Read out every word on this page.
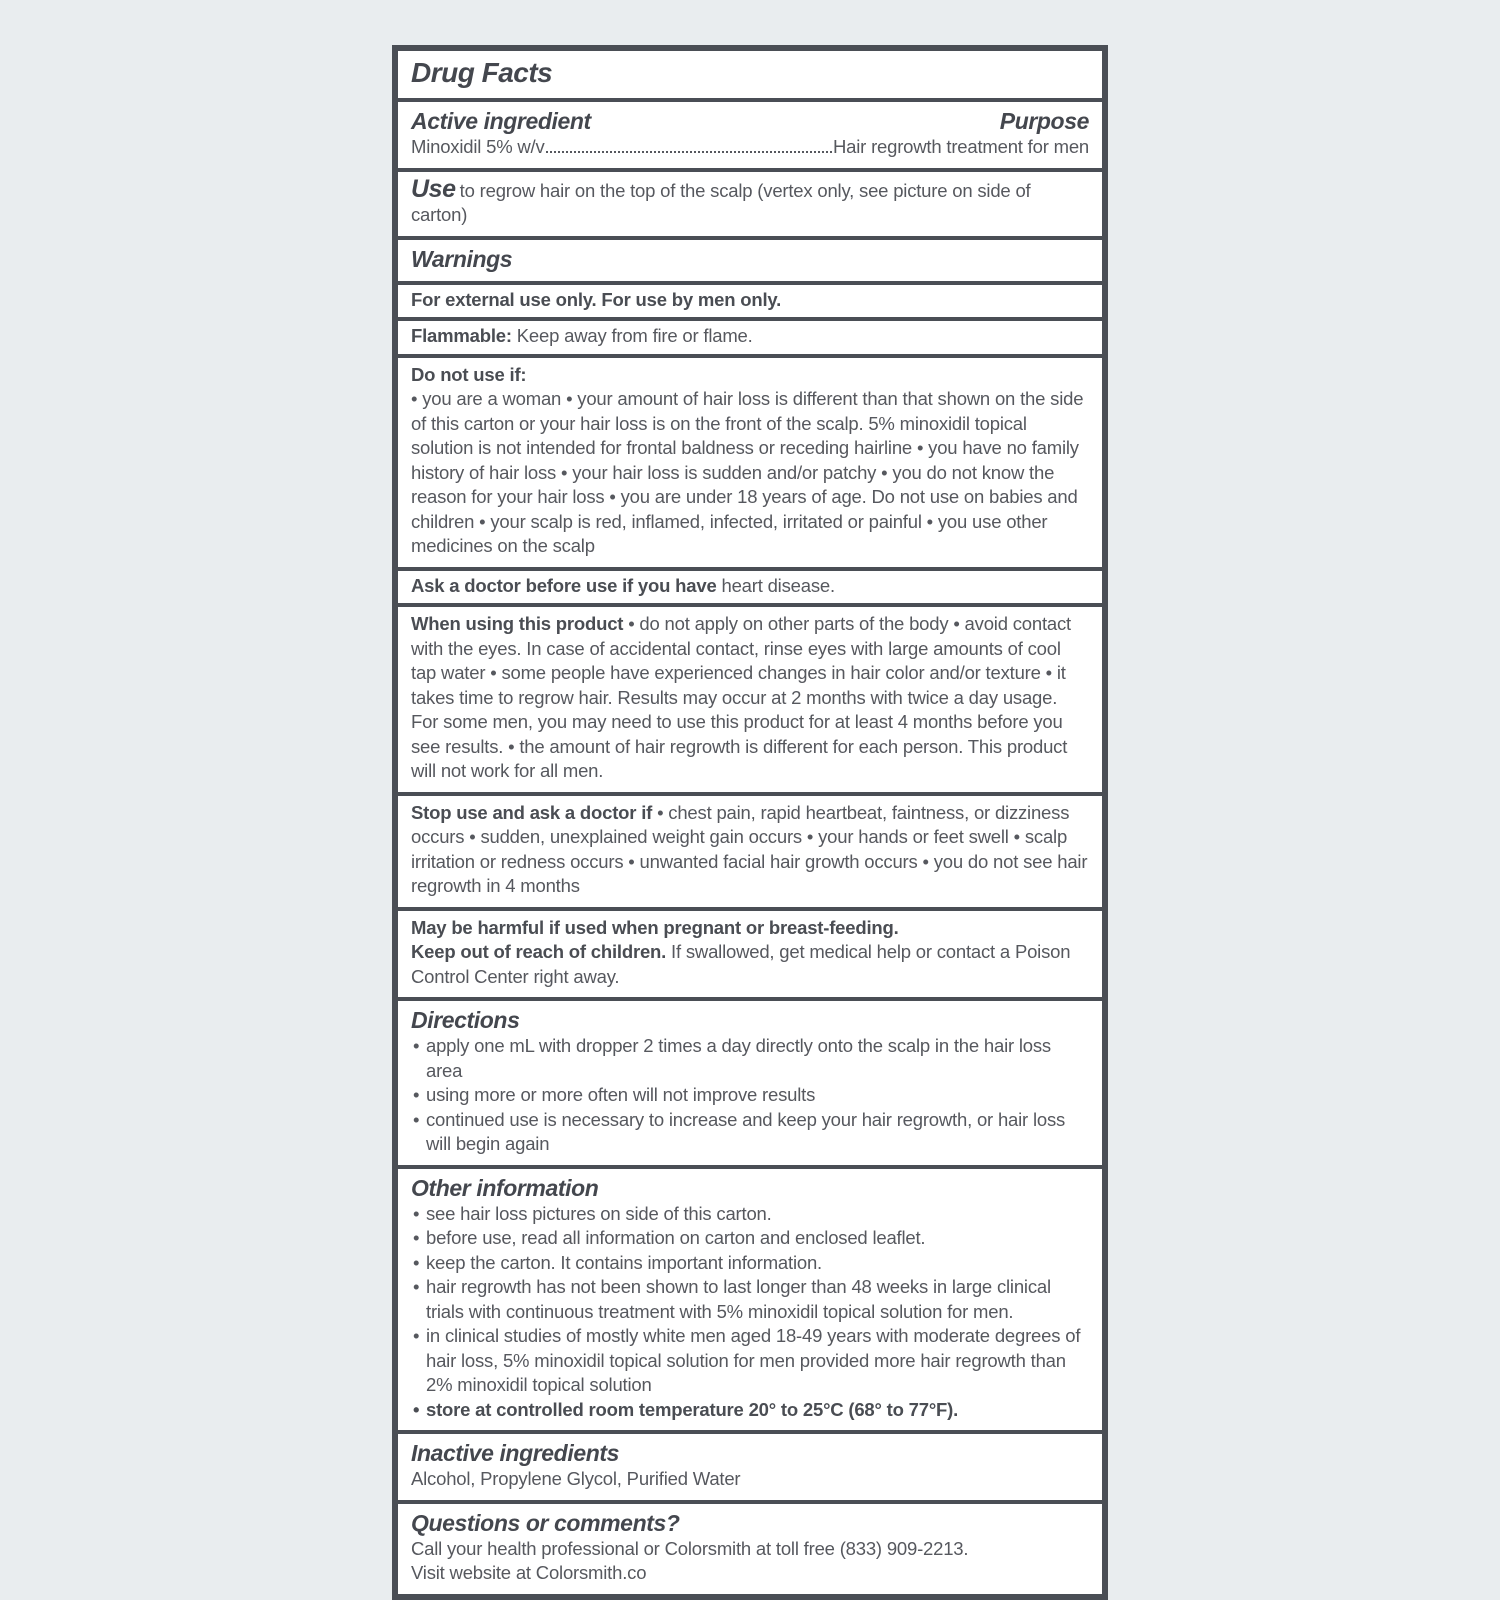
Drug Facts
Active ingredient	Purpose
Minoxidil 5% w/v	Hair regrowth treatment for men
Use to regrow hair on the top of the scalp (vertex only, see picture on side of carton)
Warnings
For external use only. For use by men only.
Flammable: Keep away from fire or flame.
Do not use if:
• you are a woman • your amount of hair loss is different than that shown on the side of this carton or your hair loss is on the front of the scalp. 5% minoxidil topical solution is not intended for frontal baldness or receding hairline • you have no family history of hair loss • your hair loss is sudden and/or patchy • you do not know the reason for your hair loss • you are under 18 years of age. Do not use on babies and children • your scalp is red, inflamed, infected, irritated or painful • you use other medicines on the scalp
Ask a doctor before use if you have heart disease.
When using this product • do not apply on other parts of the body • avoid contact with the eyes. In case of accidental contact, rinse eyes with large amounts of cool tap water • some people have experienced changes in hair color and/or texture • it takes time to regrow hair. Results may occur at 2 months with twice a day usage. For some men, you may need to use this product for at least 4 months before you see results. • the amount of hair regrowth is different for each person. This product will not work for all men.
Stop use and ask a doctor if • chest pain, rapid heartbeat, faintness, or dizziness occurs • sudden, unexplained weight gain occurs • your hands or feet swell • scalp irritation or redness occurs • unwanted facial hair growth occurs • you do not see hair regrowth in 4 months
May be harmful if used when pregnant or breast-feeding.
Keep out of reach of children. If swallowed, get medical help or contact a Poison Control Center right away.
Directions
• apply one mL with dropper 2 times a day directly onto the scalp in the hair loss area
• using more or more often will not improve results
• continued use is necessary to increase and keep your hair regrowth, or hair loss will begin again
Other information
• see hair loss pictures on side of this carton.
• before use, read all information on carton and enclosed leaflet.
• keep the carton. It contains important information.
• hair regrowth has not been shown to last longer than 48 weeks in large clinical trials with continuous treatment with 5% minoxidil topical solution for men.
• in clinical studies of mostly white men aged 18-49 years with moderate degrees of hair loss, 5% minoxidil topical solution for men provided more hair regrowth than 2% minoxidil topical solution
• store at controlled room temperature 20° to 25°C (68° to 77°F).
Inactive ingredients
Alcohol, Propylene Glycol, Purified Water
Questions or comments?
Call your health professional or Colorsmith at toll free (833) 909-2213.
Visit website at Colorsmith.co
